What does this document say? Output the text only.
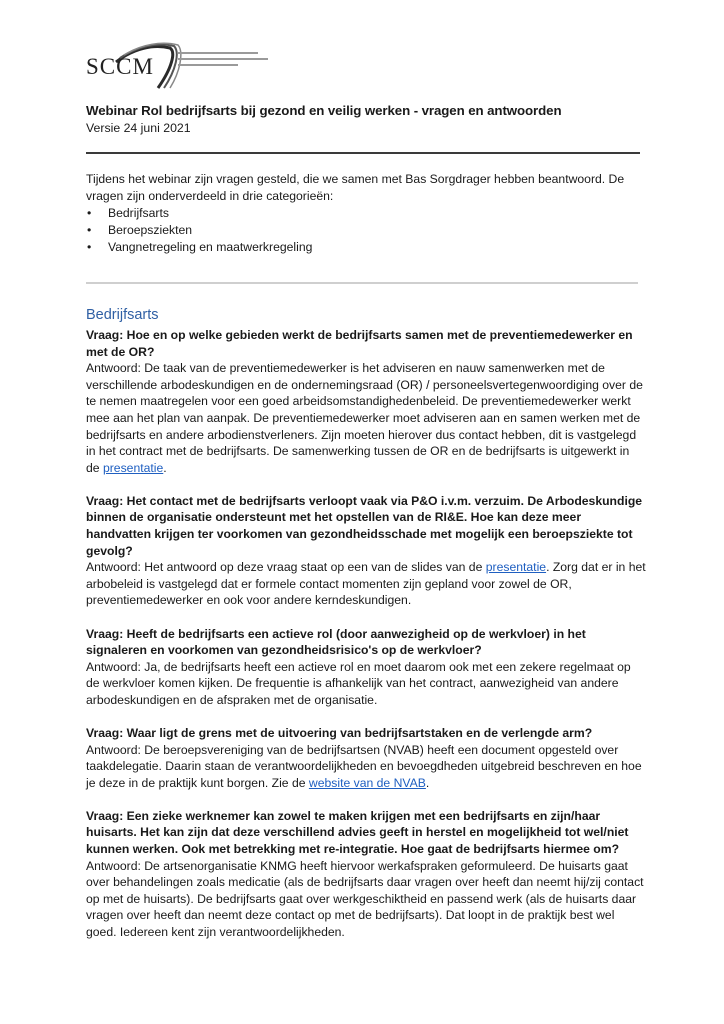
SCCM
Webinar Rol bedrijfsarts bij gezond en veilig werken - vragen en antwoorden
Versie 24 juni 2021
Tijdens het webinar zijn vragen gesteld, die we samen met Bas Sorgdrager hebben beantwoord. De vragen zijn onderverdeeld in drie categorieën:
• Bedrijfsarts
• Beroepsziekten
• Vangnetregeling en maatwerkregeling
Bedrijfsarts
Vraag: Hoe en op welke gebieden werkt de bedrijfsarts samen met de preventiemedewerker en met de OR?
Antwoord: De taak van de preventiemedewerker is het adviseren en nauw samenwerken met de verschillende arbodeskundigen en de ondernemingsraad (OR) / personeelsvertegenwoordiging over de te nemen maatregelen voor een goed arbeidsomstandighedenbeleid. De preventiemedewerker werkt mee aan het plan van aanpak. De preventiemedewerker moet adviseren aan en samen werken met de bedrijfsarts en andere arbodienstverleners. Zijn moeten hierover dus contact hebben, dit is vastgelegd in het contract met de bedrijfsarts. De samenwerking tussen de OR en de bedrijfsarts is uitgewerkt in de presentatie.
Vraag: Het contact met de bedrijfsarts verloopt vaak via P&O i.v.m. verzuim. De Arbodeskundige binnen de organisatie ondersteunt met het opstellen van de RI&E. Hoe kan deze meer handvatten krijgen ter voorkomen van gezondheidsschade met mogelijk een beroepsziekte tot gevolg?
Antwoord: Het antwoord op deze vraag staat op een van de slides van de presentatie. Zorg dat er in het arbobeleid is vastgelegd dat er formele contact momenten zijn gepland voor zowel de OR, preventiemedewerker en ook voor andere kerndeskundigen.
Vraag: Heeft de bedrijfsarts een actieve rol (door aanwezigheid op de werkvloer) in het signaleren en voorkomen van gezondheidsrisico's op de werkvloer?
Antwoord: Ja, de bedrijfsarts heeft een actieve rol en moet daarom ook met een zekere regelmaat op de werkvloer komen kijken. De frequentie is afhankelijk van het contract, aanwezigheid van andere arbodeskundigen en de afspraken met de organisatie.
Vraag: Waar ligt de grens met de uitvoering van bedrijfsartstaken en de verlengde arm?
Antwoord: De beroepsvereniging van de bedrijfsartsen (NVAB) heeft een document opgesteld over taakdelegatie. Daarin staan de verantwoordelijkheden en bevoegdheden uitgebreid beschreven en hoe je deze in de praktijk kunt borgen. Zie de website van de NVAB.
Vraag: Een zieke werknemer kan zowel te maken krijgen met een bedrijfsarts en zijn/haar huisarts. Het kan zijn dat deze verschillend advies geeft in herstel en mogelijkheid tot wel/niet kunnen werken. Ook met betrekking met re-integratie. Hoe gaat de bedrijfsarts hiermee om?
Antwoord: De artsenorganisatie KNMG heeft hiervoor werkafspraken geformuleerd. De huisarts gaat over behandelingen zoals medicatie (als de bedrijfsarts daar vragen over heeft dan neemt hij/zij contact op met de huisarts). De bedrijfsarts gaat over werkgeschiktheid en passend werk (als de huisarts daar vragen over heeft dan neemt deze contact op met de bedrijfsarts). Dat loopt in de praktijk best wel goed. Iedereen kent zijn verantwoordelijkheden.
